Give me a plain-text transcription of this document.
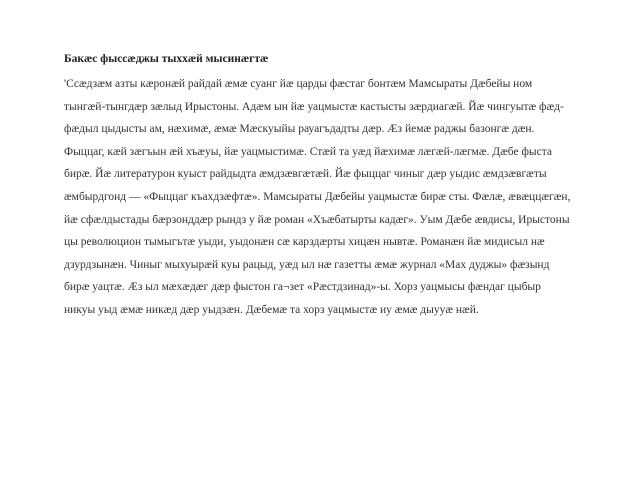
Бакæс фыссæджы тыххæй мысинæгтæ

'Ссæдзæм азты кæронæй райдай æмæ суанг йæ царды фæстаг бонтæм Мамсыраты Дæбейы ном

тынгæй-тынгдæр зæлыд Ирыстоны. Адæм ын йæ уацмыстæ кастысты зæрдиагæй. Йæ чингуытæ фæд-

фæдыл цыдысты ам, нæхимæ, æмæ Мæскуыйы рауагъдадты дæр. Æз йемæ раджы базонгæ дæн.

Фыццаг, кæй зæгъын æй хъæуы, йæ уацмыстимæ. Стæй та уæд йæхимæ лæгæй-лæгмæ. Дæбе фыста

бирæ. Йæ литературон куыст райдыдта æмдзæвгæтæй. Йæ фыццаг чиныг дæр уыдис æмдзæвгæты

æмбырдгонд — «Фыццаг къахдзæфтæ». Мамсыраты Дæбейы уацмыстæ бирæ сты. Фæлæ, æвæццæгæн,

йæ сфæлдыстады бæрзонддæр рындз у йæ роман «Хъæбатырты кадæг». Уым Дæбе æвдисы, Ирыстоны

цы революцион тымыгътæ уыди, уыдонæн сæ карздæрты хицæн нывтæ. Романæн йæ мидисыл нæ

дзурдзынæн. Чиныг мыхуырæй куы рацыд, уæд ыл нæ газетты æмæ журнал «Мах дуджы» фæзынд

бирæ уацтæ. Æз ыл мæхæдæг дæр фыстон га¬зет «Рæстдзинад»-ы. Хорз уацмысы фæндаг цыбыр

никуы уыд æмæ никæд дæр уыдзæн. Дæбемæ та хорз уацмыстæ иу æмæ дыууæ нæй.
